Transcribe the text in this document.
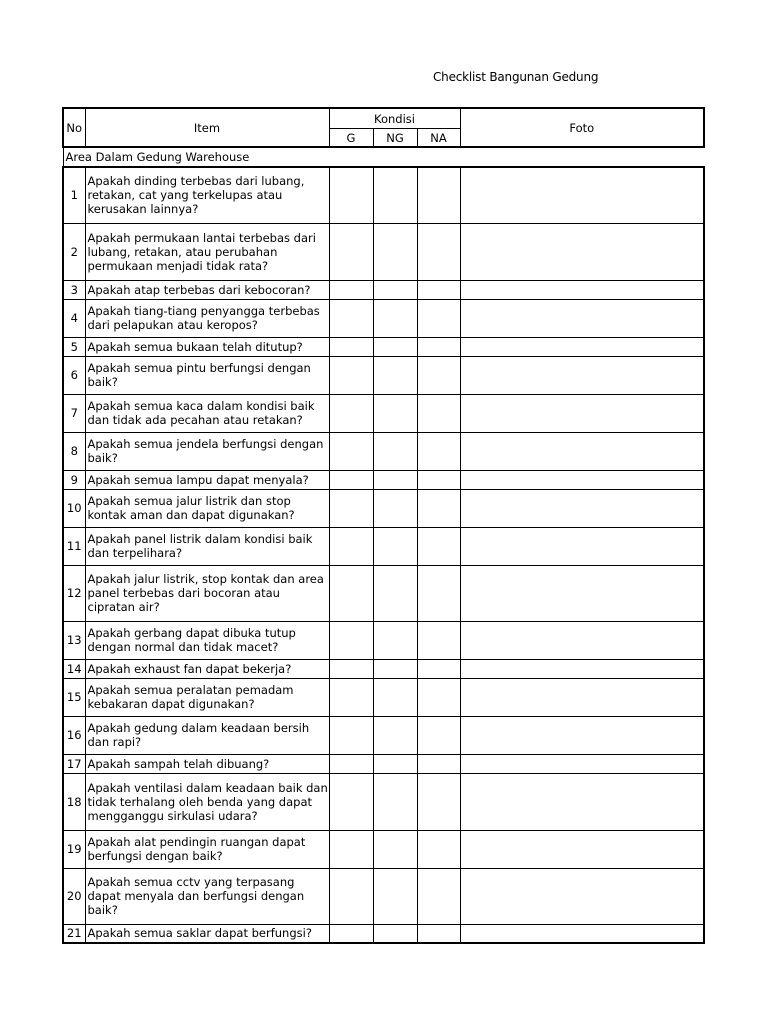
Checklist Bangunan Gedung
No	Item	Kondisi			Foto
		G	NG	NA	
Area Dalam Gedung Warehouse					
1	Apakah dinding terbebas dari lubang, retakan, cat yang terkelupas atau kerusakan lainnya?				
2	Apakah permukaan lantai terbebas dari lubang, retakan, atau perubahan permukaan menjadi tidak rata?				
3	Apakah atap terbebas dari kebocoran?				
4	Apakah tiang-tiang penyangga terbebas dari pelapukan atau keropos?				
5	Apakah semua bukaan telah ditutup?				
6	Apakah semua pintu berfungsi dengan baik?				
7	Apakah semua kaca dalam kondisi baik dan tidak ada pecahan atau retakan?				
8	Apakah semua jendela berfungsi dengan baik?				
9	Apakah semua lampu dapat menyala?				
10	Apakah semua jalur listrik dan stop kontak aman dan dapat digunakan?				
11	Apakah panel listrik dalam kondisi baik dan terpelihara?				
12	Apakah jalur listrik, stop kontak dan area panel terbebas dari bocoran atau cipratan air?				
13	Apakah gerbang dapat dibuka tutup dengan normal dan tidak macet?				
14	Apakah exhaust fan dapat bekerja?				
15	Apakah semua peralatan pemadam kebakaran dapat digunakan?				
16	Apakah gedung dalam keadaan bersih dan rapi?				
17	Apakah sampah telah dibuang?				
18	Apakah ventilasi dalam keadaan baik dan tidak terhalang oleh benda yang dapat mengganggu sirkulasi udara?				
19	Apakah alat pendingin ruangan dapat berfungsi dengan baik?				
20	Apakah semua cctv yang terpasang dapat menyala dan berfungsi dengan baik?				
21	Apakah semua saklar dapat berfungsi?				
